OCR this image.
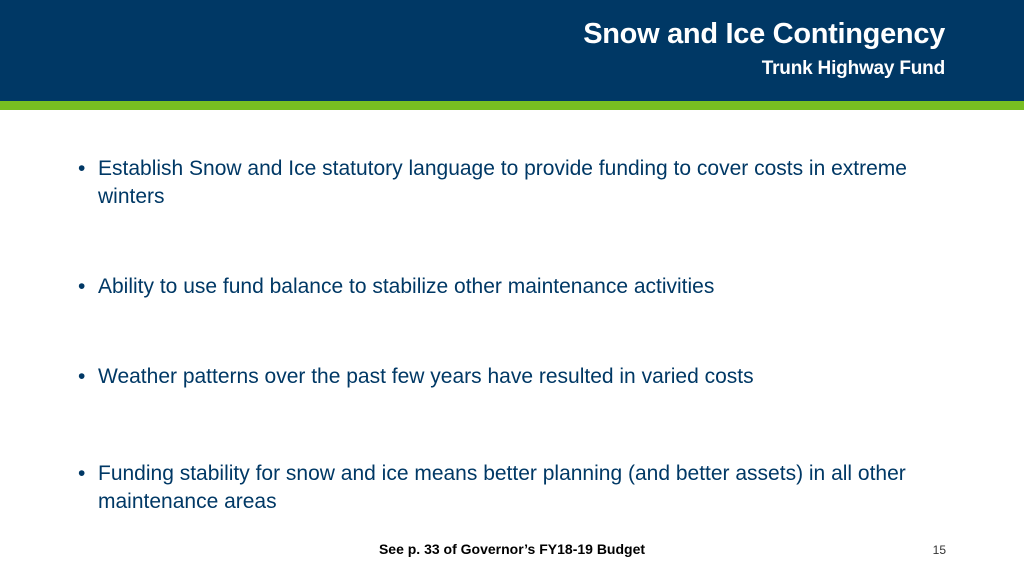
Snow and Ice Contingency
Trunk Highway Fund
• Establish Snow and Ice statutory language to provide funding to cover costs in extreme winters
• Ability to use fund balance to stabilize other maintenance activities
• Weather patterns over the past few years have resulted in varied costs
• Funding stability for snow and ice means better planning (and better assets) in all other maintenance areas
See p. 33 of Governor’s FY18-19 Budget	15
